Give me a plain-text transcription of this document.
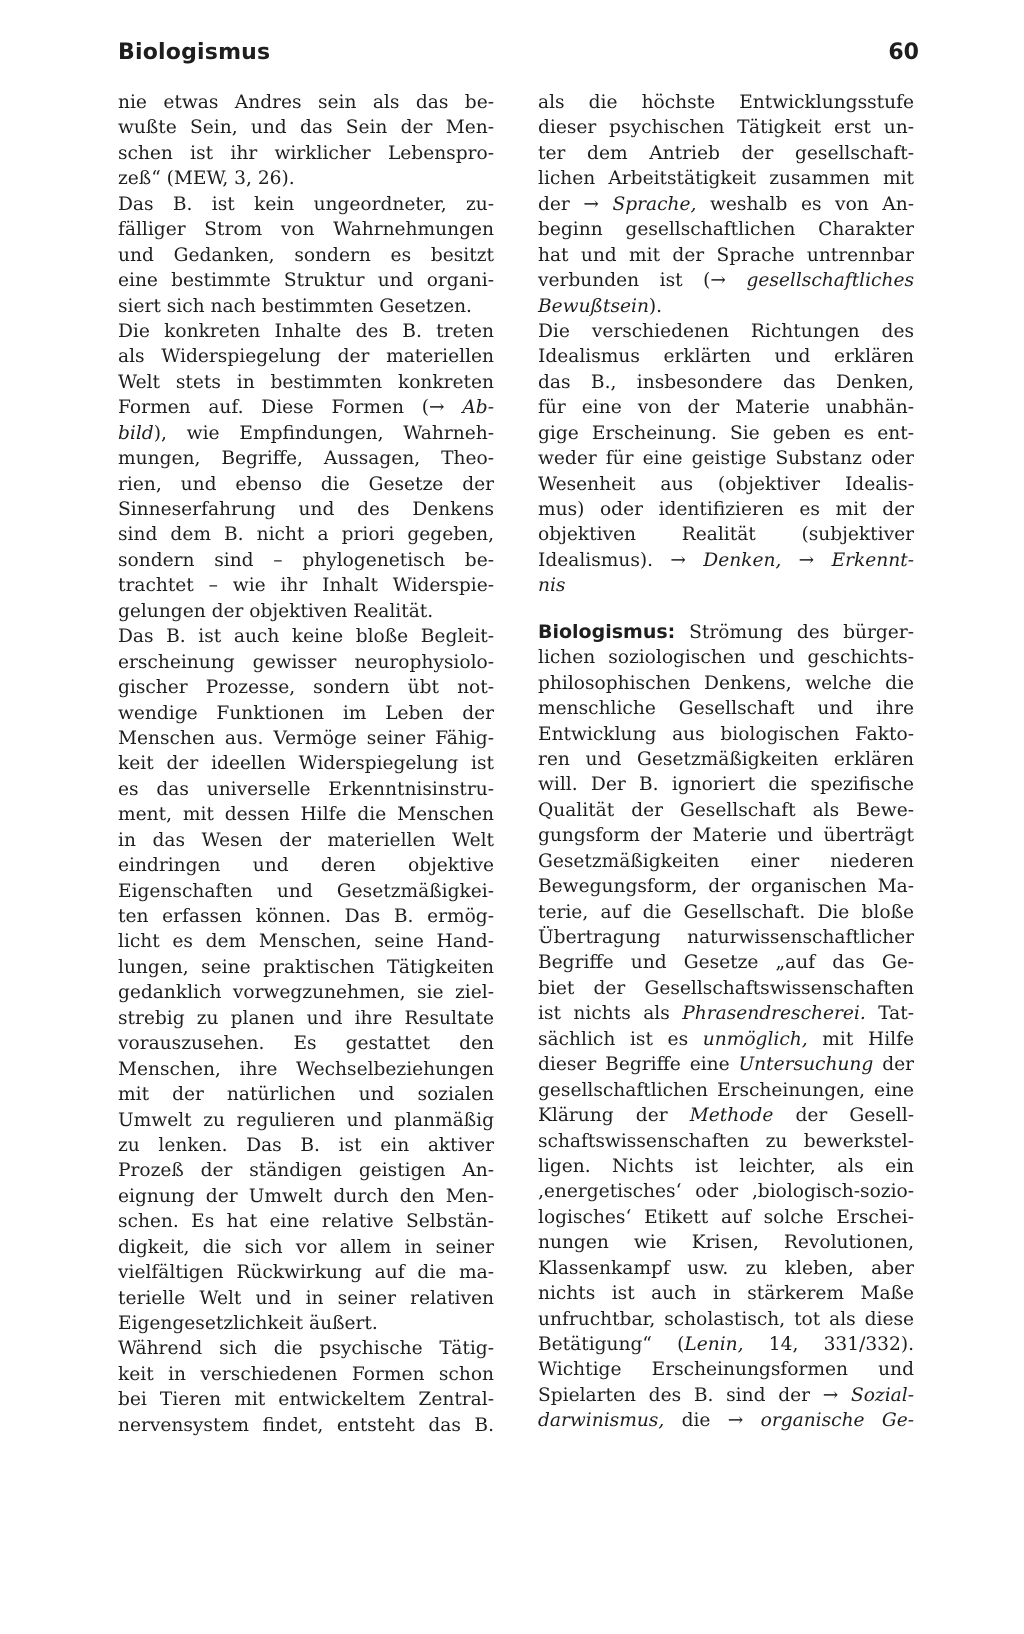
Biologismus	60
nie etwas Andres sein als das be-
wußte Sein, und das Sein der Men-
schen ist ihr wirklicher Lebenspro-
zeß“ (MEW, 3, 26).
Das B. ist kein ungeordneter, zu-
fälliger Strom von Wahrnehmungen
und Gedanken, sondern es besitzt
eine bestimmte Struktur und organi-
siert sich nach bestimmten Gesetzen.
Die konkreten Inhalte des B. treten
als Widerspiegelung der materiellen
Welt stets in bestimmten konkreten
Formen auf. Diese Formen (→ Ab-
bild), wie Empfindungen, Wahrneh-
mungen, Begriffe, Aussagen, Theo-
rien, und ebenso die Gesetze der
Sinneserfahrung und des Denkens
sind dem B. nicht a priori gegeben,
sondern sind – phylogenetisch be-
trachtet – wie ihr Inhalt Widerspie-
gelungen der objektiven Realität.
Das B. ist auch keine bloße Begleit-
erscheinung gewisser neurophysiolo-
gischer Prozesse, sondern übt not-
wendige Funktionen im Leben der
Menschen aus. Vermöge seiner Fähig-
keit der ideellen Widerspiegelung ist
es das universelle Erkenntnisinstru-
ment, mit dessen Hilfe die Menschen
in das Wesen der materiellen Welt
eindringen und deren objektive
Eigenschaften und Gesetzmäßigkei-
ten erfassen können. Das B. ermög-
licht es dem Menschen, seine Hand-
lungen, seine praktischen Tätigkeiten
gedanklich vorwegzunehmen, sie ziel-
strebig zu planen und ihre Resultate
vorauszusehen. Es gestattet den
Menschen, ihre Wechselbeziehungen
mit der natürlichen und sozialen
Umwelt zu regulieren und planmäßig
zu lenken. Das B. ist ein aktiver
Prozeß der ständigen geistigen An-
eignung der Umwelt durch den Men-
schen. Es hat eine relative Selbstän-
digkeit, die sich vor allem in seiner
vielfältigen Rückwirkung auf die ma-
terielle Welt und in seiner relativen
Eigengesetzlichkeit äußert.
Während sich die psychische Tätig-
keit in verschiedenen Formen schon
bei Tieren mit entwickeltem Zentral-
nervensystem findet, entsteht das B.
als die höchste Entwicklungsstufe
dieser psychischen Tätigkeit erst un-
ter dem Antrieb der gesellschaft-
lichen Arbeitstätigkeit zusammen mit
der → Sprache, weshalb es von An-
beginn gesellschaftlichen Charakter
hat und mit der Sprache untrennbar
verbunden ist (→ gesellschaftliches
Bewußtsein).
Die verschiedenen Richtungen des
Idealismus erklärten und erklären
das B., insbesondere das Denken,
für eine von der Materie unabhän-
gige Erscheinung. Sie geben es ent-
weder für eine geistige Substanz oder
Wesenheit aus (objektiver Idealis-
mus) oder identifizieren es mit der
objektiven Realität (subjektiver
Idealismus). → Denken, → Erkennt-
nis
Biologismus: Strömung des bürger-
lichen soziologischen und geschichts-
philosophischen Denkens, welche die
menschliche Gesellschaft und ihre
Entwicklung aus biologischen Fakto-
ren und Gesetzmäßigkeiten erklären
will. Der B. ignoriert die spezifische
Qualität der Gesellschaft als Bewe-
gungsform der Materie und überträgt
Gesetzmäßigkeiten einer niederen
Bewegungsform, der organischen Ma-
terie, auf die Gesellschaft. Die bloße
Übertragung naturwissenschaftlicher
Begriffe und Gesetze „auf das Ge-
biet der Gesellschaftswissenschaften
ist nichts als Phrasendrescherei. Tat-
sächlich ist es unmöglich, mit Hilfe
dieser Begriffe eine Untersuchung der
gesellschaftlichen Erscheinungen, eine
Klärung der Methode der Gesell-
schaftswissenschaften zu bewerkstel-
ligen. Nichts ist leichter, als ein
‚energetisches‘ oder ‚biologisch-sozio-
logisches‘ Etikett auf solche Erschei-
nungen wie Krisen, Revolutionen,
Klassenkampf usw. zu kleben, aber
nichts ist auch in stärkerem Maße
unfruchtbar, scholastisch, tot als diese
Betätigung“ (Lenin, 14, 331/332).
Wichtige Erscheinungsformen und
Spielarten des B. sind der → Sozial-
darwinismus, die → organische Ge-
